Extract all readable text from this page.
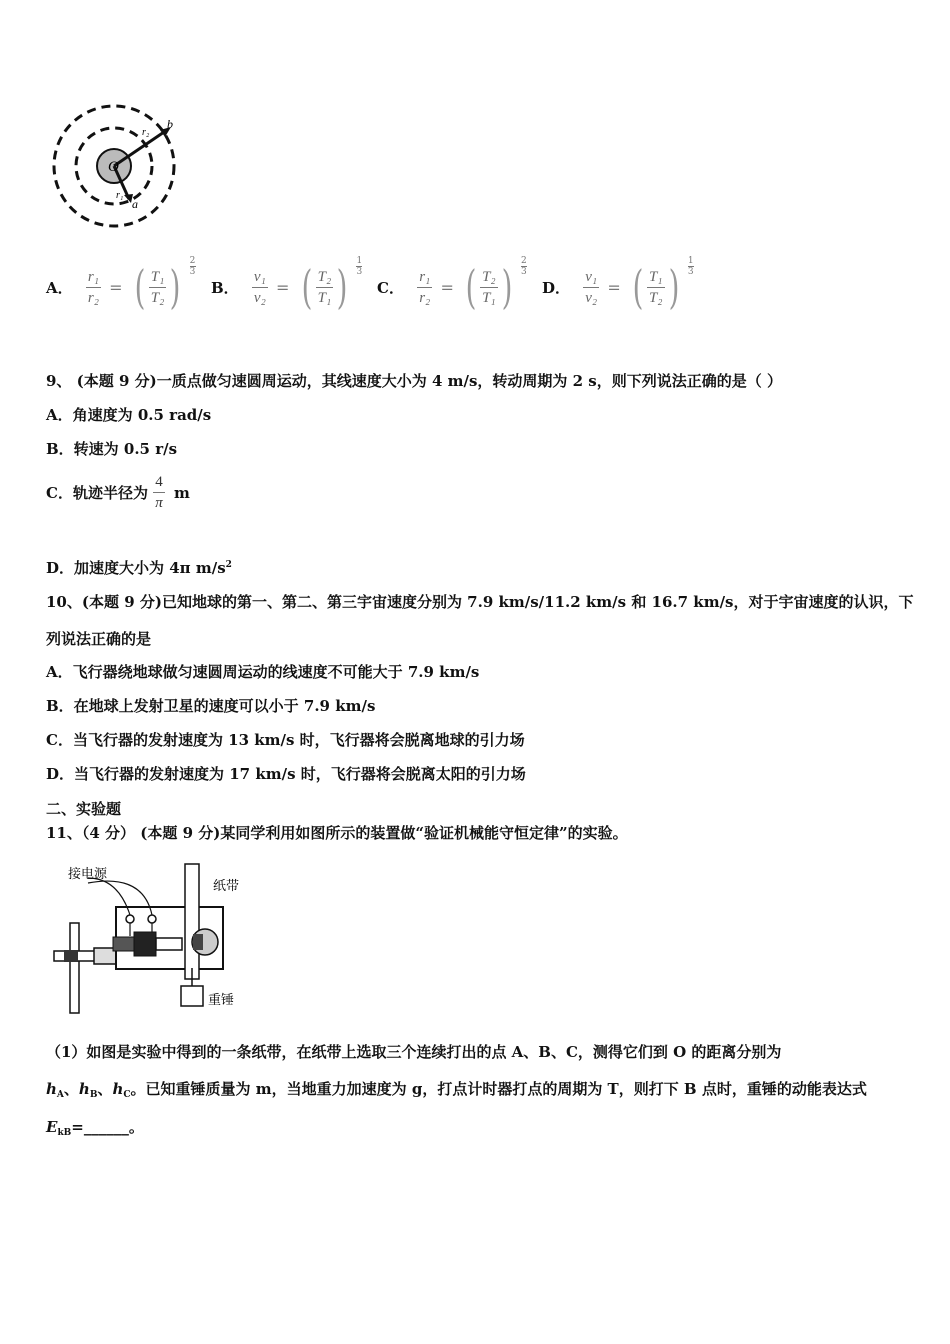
O
r₂
b
r₁
a
A． $\frac{\text{r₁}}{\text{r₂}}$ = ( $\frac{\text{T₁}}{\text{T₂}}$ ) $\frac{2}{3}$
B． $\frac{\text{v₁}}{\text{v₂}}$ = ( $\frac{\text{T₂}}{\text{T₁}}$ ) $\frac{1}{3}$
C． $\frac{\text{r₁}}{\text{r₂}}$ = ( $\frac{\text{T₂}}{\text{T₁}}$ ) $\frac{2}{3}$
D． $\frac{\text{v₁}}{\text{v₂}}$ = ( $\frac{\text{T₁}}{\text{T₂}}$ ) $\frac{1}{3}$
9、 (本题 9 分)一质点做匀速圆周运动，其线速度大小为 4 m/s，转动周期为 2 s，则下列说法正确的是（ ）
A．角速度为 0.5 rad/s
B．转速为 0.5 r/s
C．轨迹半径为 $\frac{4}{\pi}$ m
D．加速度大小为 4π $m/s^2$
10、(本题 9 分)已知地球的第一、第二、第三宇宙速度分别为 7.9 km/s/11.2 km/s 和 16.7 km/s，对于宇宙速度的认识，下
列说法正确的是
A．飞行器绕地球做匀速圆周运动的线速度不可能大于 7.9 km/s
B．在地球上发射卫星的速度可以小于 7.9 km/s
C．当飞行器的发射速度为 13 km/s 时，飞行器将会脱离地球的引力场
D．当飞行器的发射速度为 17 km/s 时，飞行器将会脱离太阳的引力场
二、实验题
11、（4 分） (本题 9 分)某同学利用如图所示的装置做“验证机械能守恒定律”的实验。
接电源
纸带
重锤
（1）如图是实验中得到的一条纸带，在纸带上选取三个连续打出的点 A、B、C，测得它们到 O 的距离分别为
$h_A$、$h_B$、$h_C$。已知重锤质量为 m，当地重力加速度为 g，打点计时器打点的周期为 T，则打下 B 点时，重锤的动能表达式
$E_{kB}=\_\_\_\_\_\_$。
